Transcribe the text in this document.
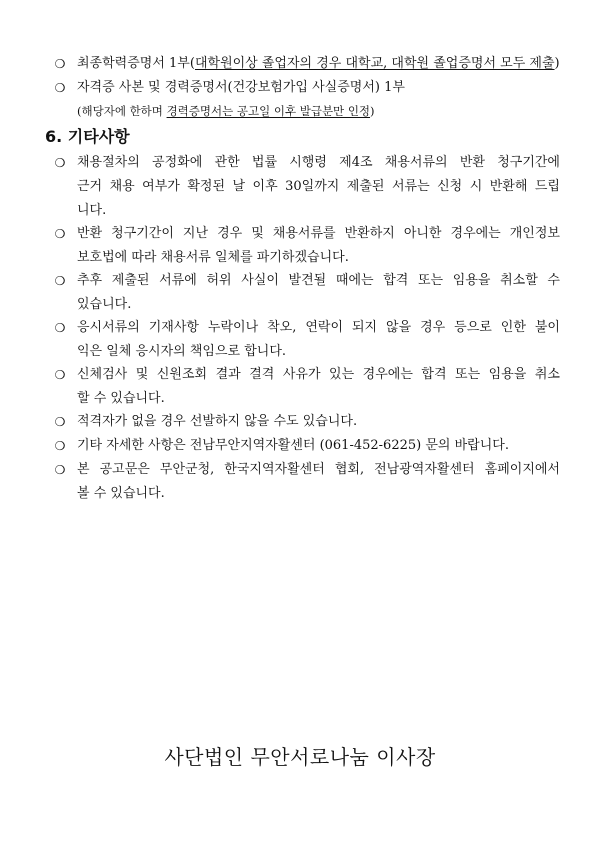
❍ 최종학력증명서 1부(대학원이상 졸업자의 경우 대학교, 대학원 졸업증명서 모두 제출)
❍ 자격증 사본 및 경력증명서(건강보험가입 사실증명서) 1부
(해당자에 한하며 경력증명서는 공고일 이후 발급분만 인정)
6. 기타사항
❍ 채용절차의 공정화에 관한 법률 시행령 제4조 채용서류의 반환 청구기간에
근거 채용 여부가 확정된 날 이후 30일까지 제출된 서류는 신청 시 반환해 드립
니다.
❍ 반환 청구기간이 지난 경우 및 채용서류를 반환하지 아니한 경우에는 개인정보
보호법에 따라 채용서류 일체를 파기하겠습니다.
❍ 추후 제출된 서류에 허위 사실이 발견될 때에는 합격 또는 임용을 취소할 수
있습니다.
❍ 응시서류의 기재사항 누락이나 착오, 연락이 되지 않을 경우 등으로 인한 불이
익은 일체 응시자의 책임으로 합니다.
❍ 신체검사 및 신원조회 결과 결격 사유가 있는 경우에는 합격 또는 임용을 취소
할 수 있습니다.
❍ 적격자가 없을 경우 선발하지 않을 수도 있습니다.
❍ 기타 자세한 사항은 전남무안지역자활센터 (061-452-6225) 문의 바랍니다.
❍ 본 공고문은 무안군청, 한국지역자활센터 협회, 전남광역자활센터 홈페이지에서
볼 수 있습니다.
사단법인 무안서로나눔 이사장
